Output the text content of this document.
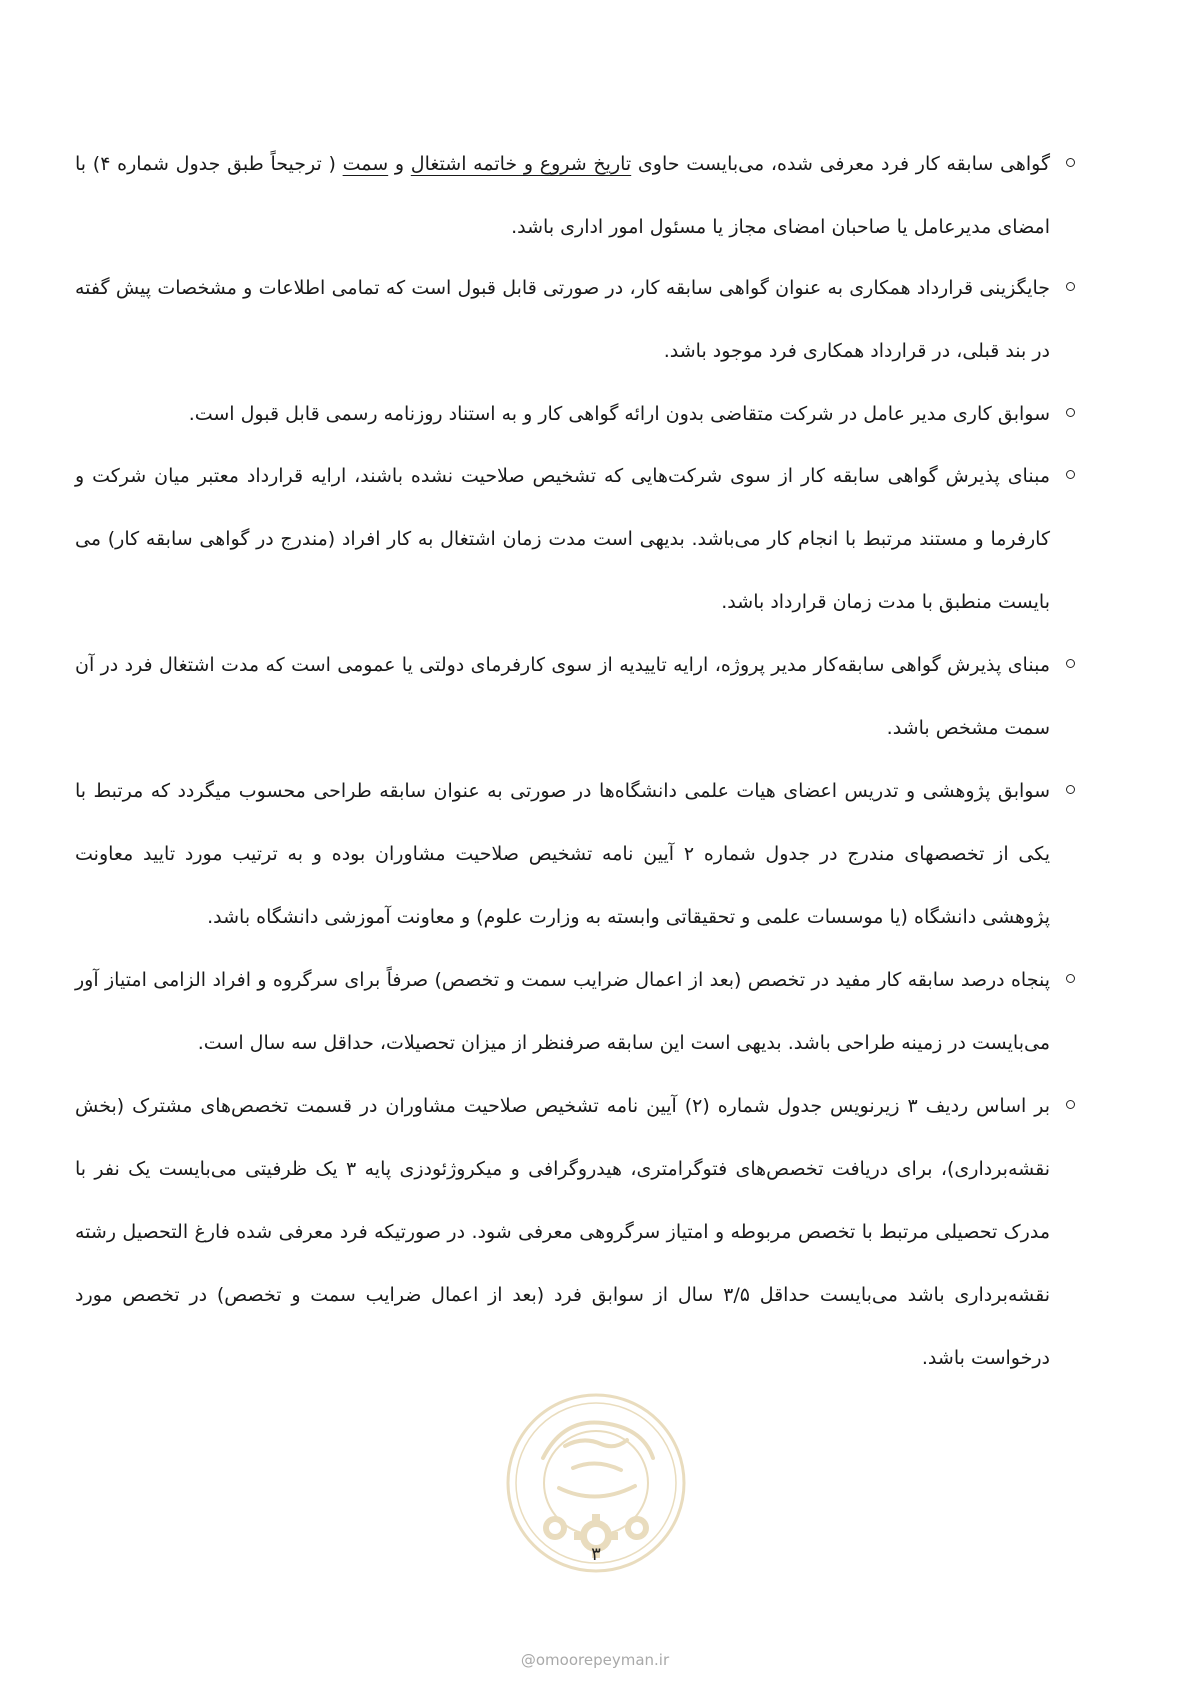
گواهی سابقه کار فرد معرفی شده، می‌بایست حاوی تاریخ شروع و خاتمه اشتغال و سمت ( ترجیحاً طبق جدول شماره ۴) با امضای مدیرعامل یا صاحبان امضای مجاز یا مسئول امور اداری باشد.
جایگزینی قرارداد همکاری به عنوان گواهی سابقه کار، در صورتی قابل قبول است که تمامی اطلاعات و مشخصات پیش گفته در بند قبلی، در قرارداد همکاری فرد موجود باشد.
سوابق کاری مدیر عامل در شرکت متقاضی بدون ارائه گواهی کار و به استناد روزنامه رسمی قابل قبول است.
مبنای پذیرش گواهی سابقه کار از سوی شرکت‌هایی که تشخیص صلاحیت نشده باشند، ارایه قرارداد معتبر میان شرکت و کارفرما و مستند مرتبط با انجام کار می‌باشد. بدیهی است مدت زمان اشتغال به کار افراد (مندرج در گواهی سابقه کار) می بایست منطبق با مدت زمان قرارداد باشد.
مبنای پذیرش گواهی سابقه‌کار مدیر پروژه، ارایه تاییدیه از سوی کارفرمای دولتی یا عمومی است که مدت اشتغال فرد در آن سمت مشخص باشد.
سوابق پژوهشی و تدریس اعضای هیات علمی دانشگاه‌ها در صورتی به عنوان سابقه طراحی محسوب میگردد که مرتبط با یکی از تخصصهای مندرج در جدول شماره ۲ آیین نامه تشخیص صلاحیت مشاوران بوده و به ترتیب مورد تایید معاونت پژوهشی دانشگاه (یا موسسات علمی و تحقیقاتی وابسته به وزارت علوم) و معاونت آموزشی دانشگاه باشد.
پنجاه درصد سابقه کار مفید در تخصص (بعد از اعمال ضرایب سمت و تخصص) صرفاً برای سرگروه و افراد الزامی امتیاز آور می‌بایست در زمینه طراحی باشد. بدیهی است این سابقه صرفنظر از میزان تحصیلات، حداقل سه سال است.
بر اساس ردیف ۳ زیرنویس جدول شماره (۲) آیین نامه تشخیص صلاحیت مشاوران در قسمت تخصص‌های مشترک (بخش نقشه‌برداری)، برای دریافت تخصص‌های فتوگرامتری، هیدروگرافی و میکروژئودزی پایه ۳ یک ظرفیتی می‌بایست یک نفر با مدرک تحصیلی مرتبط با تخصص مربوطه و امتیاز سرگروهی معرفی شود. در صورتیکه فرد معرفی شده فارغ التحصیل رشته نقشه‌برداری باشد می‌بایست حداقل ۳/۵ سال از سوابق فرد (بعد از اعمال ضرایب سمت و تخصص) در تخصص مورد درخواست باشد.
۳
@omoorepeyman.ir
